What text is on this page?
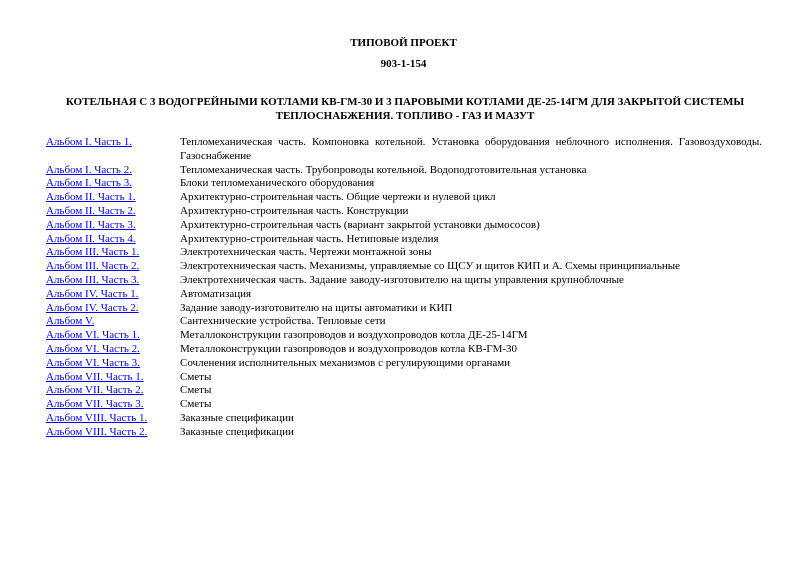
ТИПОВОЙ ПРОЕКТ
903-1-154
КОТЕЛЬНАЯ С 3 ВОДОГРЕЙНЫМИ КОТЛАМИ КВ-ГМ-30 И 3 ПАРОВЫМИ КОТЛАМИ ДЕ-25-14ГМ ДЛЯ ЗАКРЫТОЙ СИСТЕМЫ ТЕПЛОСНАБЖЕНИЯ. ТОПЛИВО - ГАЗ И МАЗУТ
Альбом I. Часть 1.	Тепломеханическая часть. Компоновка котельной. Установка оборудования неблочного исполнения. Газовоздуховоды. Газоснабжение
Альбом I. Часть 2.	Тепломеханическая часть. Трубопроводы котельной. Водоподготовительная установка
Альбом I. Часть 3.	Блоки тепломеханического оборудования
Альбом II. Часть 1.	Архитектурно-строительная часть. Общие чертежи и нулевой цикл
Альбом II. Часть 2.	Архитектурно-строительная часть. Конструкции
Альбом II. Часть 3.	Архитектурно-строительная часть (вариант закрытой установки дымососов)
Альбом II. Часть 4.	Архитектурно-строительная часть. Нетиповые изделия
Альбом III. Часть 1.	Электротехническая часть. Чертежи монтажной зоны
Альбом III. Часть 2.	Электротехническая часть. Механизмы, управляемые со ЩСУ и щитов КИП и А. Схемы принципиальные
Альбом III. Часть 3.	Электротехническая часть. Задание заводу-изготовителю на щиты управления крупноблочные
Альбом IV. Часть 1.	Автоматизация
Альбом IV. Часть 2.	Задание заводу-изготовителю на щиты автоматики и КИП
Альбом V.	Сантехнические устройства. Тепловые сети
Альбом VI. Часть 1.	Металлоконструкции газопроводов и воздухопроводов котла ДЕ-25-14ГМ
Альбом VI. Часть 2.	Металлоконструкции газопроводов и воздухопроводов котла КВ-ГМ-30
Альбом VI. Часть 3.	Сочленения исполнительных механизмов с регулирующими органами
Альбом VII. Часть 1.	Сметы
Альбом VII. Часть 2.	Сметы
Альбом VII. Часть 3.	Сметы
Альбом VIII. Часть 1.	Заказные спецификации
Альбом VIII. Часть 2.	Заказные спецификации
